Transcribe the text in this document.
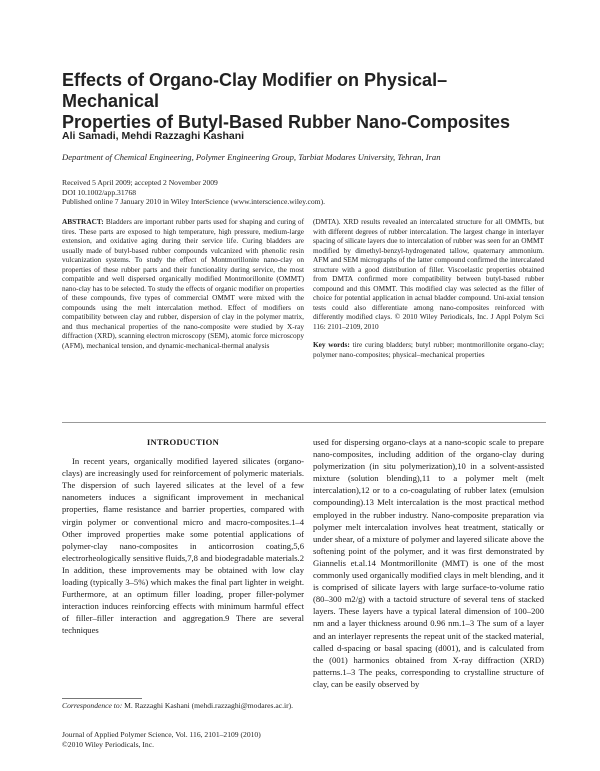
Effects of Organo-Clay Modifier on Physical–Mechanical
Properties of Butyl-Based Rubber Nano-Composites
Ali Samadi, Mehdi Razzaghi Kashani
Department of Chemical Engineering, Polymer Engineering Group, Tarbiat Modares University, Tehran, Iran
Received 5 April 2009; accepted 2 November 2009
DOI 10.1002/app.31768
Published online 7 January 2010 in Wiley InterScience (www.interscience.wiley.com).
ABSTRACT: Bladders are important rubber parts used for shaping and curing of tires. These parts are exposed to high temperature, high pressure, medium-large extension, and oxidative aging during their service life. Curing bladders are usually made of butyl-based rubber compounds vulcanized with phenolic resin vulcanization systems. To study the effect of Montmorillonite nano-clay on properties of these rubber parts and their functionality during service, the most compatible and well dispersed organically modified Montmorillonite (OMMT) nano-clay has to be selected. To study the effects of organic modifier on properties of these compounds, five types of commercial OMMT were mixed with the compounds using the melt intercalation method. Effect of modifiers on compatibility between clay and rubber, dispersion of clay in the polymer matrix, and thus mechanical properties of the nano-composite were studied by X-ray diffraction (XRD), scanning electron microscopy (SEM), atomic force microscopy (AFM), mechanical tension, and dynamic-mechanical-thermal analysis
(DMTA). XRD results revealed an intercalated structure for all OMMTs, but with different degrees of rubber intercalation. The largest change in interlayer spacing of silicate layers due to intercalation of rubber was seen for an OMMT modified by dimethyl-benzyl-hydrogenated tallow, quaternary ammonium. AFM and SEM micrographs of the latter compound confirmed the intercalated structure with a good distribution of filler. Viscoelastic properties obtained from DMTA confirmed more compatibility between butyl-based rubber compound and this OMMT. This modified clay was selected as the filler of choice for potential application in actual bladder compound. Uni-axial tension tests could also differentiate among nano-composites reinforced with differently modified clays. © 2010 Wiley Periodicals, Inc. J Appl Polym Sci 116: 2101–2109, 2010
Key words: tire curing bladders; butyl rubber; montmorillonite organo-clay; polymer nano-composites; physical–mechanical properties
INTRODUCTION

In recent years, organically modified layered silicates (organo-clays) are increasingly used for reinforcement of polymeric materials. The dispersion of such layered silicates at the level of a few nanometers induces a significant improvement in mechanical properties, flame resistance and barrier properties, compared with virgin polymer or conventional micro and macro-composites.1–4 Other improved properties make some potential applications of polymer-clay nano-composites in anticorrosion coating,5,6 electrorheologically sensitive fluids,7,8 and biodegradable materials.2 In addition, these improvements may be obtained with low clay loading (typically 3–5%) which makes the final part lighter in weight. Furthermore, at an optimum filler loading, proper filler-polymer interaction induces reinforcing effects with minimum harmful effect of filler–filler interaction and aggregation.9 There are several techniques

used for dispersing organo-clays at a nano-scopic scale to prepare nano-composites, including addition of the organo-clay during polymerization (in situ polymerization),10 in a solvent-assisted mixture (solution blending),11 to a polymer melt (melt intercalation),12 or to a co-coagulating of rubber latex (emulsion compounding).13 Melt intercalation is the most practical method employed in the rubber industry. Nano-composite preparation via polymer melt intercalation involves heat treatment, statically or under shear, of a mixture of polymer and layered silicate above the softening point of the polymer, and it was first demonstrated by Giannelis et.al.14 Montmorillonite (MMT) is one of the most commonly used organically modified clays in melt blending, and it is comprised of silicate layers with large surface-to-volume ratio (80–300 m2/g) with a tactoid structure of several tens of stacked layers. These layers have a typical lateral dimension of 100–200 nm and a layer thickness around 0.96 nm.1–3 The sum of a layer and an interlayer represents the repeat unit of the stacked material, called d-spacing or basal spacing (d001), and is calculated from the (001) harmonics obtained from X-ray diffraction (XRD) patterns.1–3 The peaks, corresponding to crystalline structure of clay, can be easily observed by

Correspondence to: M. Razzaghi Kashani (mehdi.razzaghi@modares.ac.ir).
Journal of Applied Polymer Science, Vol. 116, 2101–2109 (2010)
©2010 Wiley Periodicals, Inc.
